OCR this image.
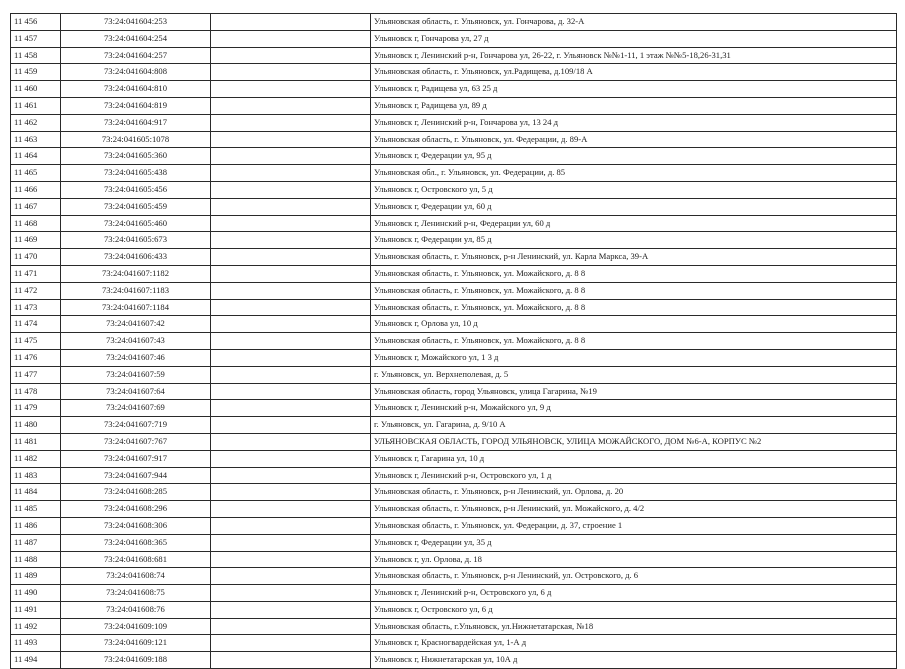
11 456	73:24:041604:253		Ульяновская область, г. Ульяновск, ул. Гончарова, д. 32-А
11 457	73:24:041604:254		Ульяновск г, Гончарова ул, 27 д
11 458	73:24:041604:257		Ульяновск г, Ленинский р-н, Гончарова ул, 26-22, г. Ульяновск №№1-11, 1 этаж №№5-18,26-31,31
11 459	73:24:041604:808		Ульяновская область, г. Ульяновск, ул.Радищева, д.109/18 А
11 460	73:24:041604:810		Ульяновск г, Радищева ул, 63 25 д
11 461	73:24:041604:819		Ульяновск г, Радищева ул, 89 д
11 462	73:24:041604:917		Ульяновск г, Ленинский р-н, Гончарова ул, 13 24 д
11 463	73:24:041605:1078		Ульяновская область, г. Ульяновск, ул. Федерации, д. 89-А
11 464	73:24:041605:360		Ульяновск г, Федерации ул, 95 д
11 465	73:24:041605:438		Ульяновская обл., г. Ульяновск, ул. Федерации, д. 85
11 466	73:24:041605:456		Ульяновск г, Островского ул, 5 д
11 467	73:24:041605:459		Ульяновск г, Федерации ул, 60 д
11 468	73:24:041605:460		Ульяновск г, Ленинский р-н, Федерации ул, 60 д
11 469	73:24:041605:673		Ульяновск г, Федерации ул, 85 д
11 470	73:24:041606:433		Ульяновская область, г. Ульяновск, р-н Ленинский, ул. Карла Маркса, 39-А
11 471	73:24:041607:1182		Ульяновская область, г. Ульяновск, ул. Можайского, д. 8 8
11 472	73:24:041607:1183		Ульяновская область, г. Ульяновск, ул. Можайского, д. 8 8
11 473	73:24:041607:1184		Ульяновская область, г. Ульяновск, ул. Можайского, д. 8 8
11 474	73:24:041607:42		Ульяновск г, Орлова ул, 10 д
11 475	73:24:041607:43		Ульяновская область, г. Ульяновск, ул. Можайского, д. 8 8
11 476	73:24:041607:46		Ульяновск г, Можайского ул, 1 3 д
11 477	73:24:041607:59		г. Ульяновск, ул. Верхнеполевая, д. 5
11 478	73:24:041607:64		Ульяновская область, город Ульяновск, улица Гагарина, №19
11 479	73:24:041607:69		Ульяновск г, Ленинский р-н, Можайского ул, 9 д
11 480	73:24:041607:719		г. Ульяновск, ул. Гагарина, д. 9/10 А
11 481	73:24:041607:767		УЛЬЯНОВСКАЯ ОБЛАСТЬ, ГОРОД УЛЬЯНОВСК, УЛИЦА МОЖАЙСКОГО, ДОМ №6-А, КОРПУС №2
11 482	73:24:041607:917		Ульяновск г, Гагарина ул, 10 д
11 483	73:24:041607:944		Ульяновск г, Ленинский р-н, Островского ул, 1 д
11 484	73:24:041608:285		Ульяновская область, г. Ульяновск, р-н Ленинский, ул. Орлова, д. 20
11 485	73:24:041608:296		Ульяновская область, г. Ульяновск, р-н Ленинский, ул. Можайского, д. 4/2
11 486	73:24:041608:306		Ульяновская область, г. Ульяновск, ул. Федерации, д. 37, строение 1
11 487	73:24:041608:365		Ульяновск г, Федерации ул, 35 д
11 488	73:24:041608:681		Ульяновск г, ул. Орлова, д. 18
11 489	73:24:041608:74		Ульяновская область, г. Ульяновск, р-н Ленинский, ул. Островского, д. 6
11 490	73:24:041608:75		Ульяновск г, Ленинский р-н, Островского ул, 6 д
11 491	73:24:041608:76		Ульяновск г, Островского ул, 6 д
11 492	73:24:041609:109		Ульяновская область, г.Ульяновск, ул.Нижнетатарская, №18
11 493	73:24:041609:121		Ульяновск г, Красногвардейская ул, 1-А д
11 494	73:24:041609:188		Ульяновск г, Нижнетатарская ул, 10А д
